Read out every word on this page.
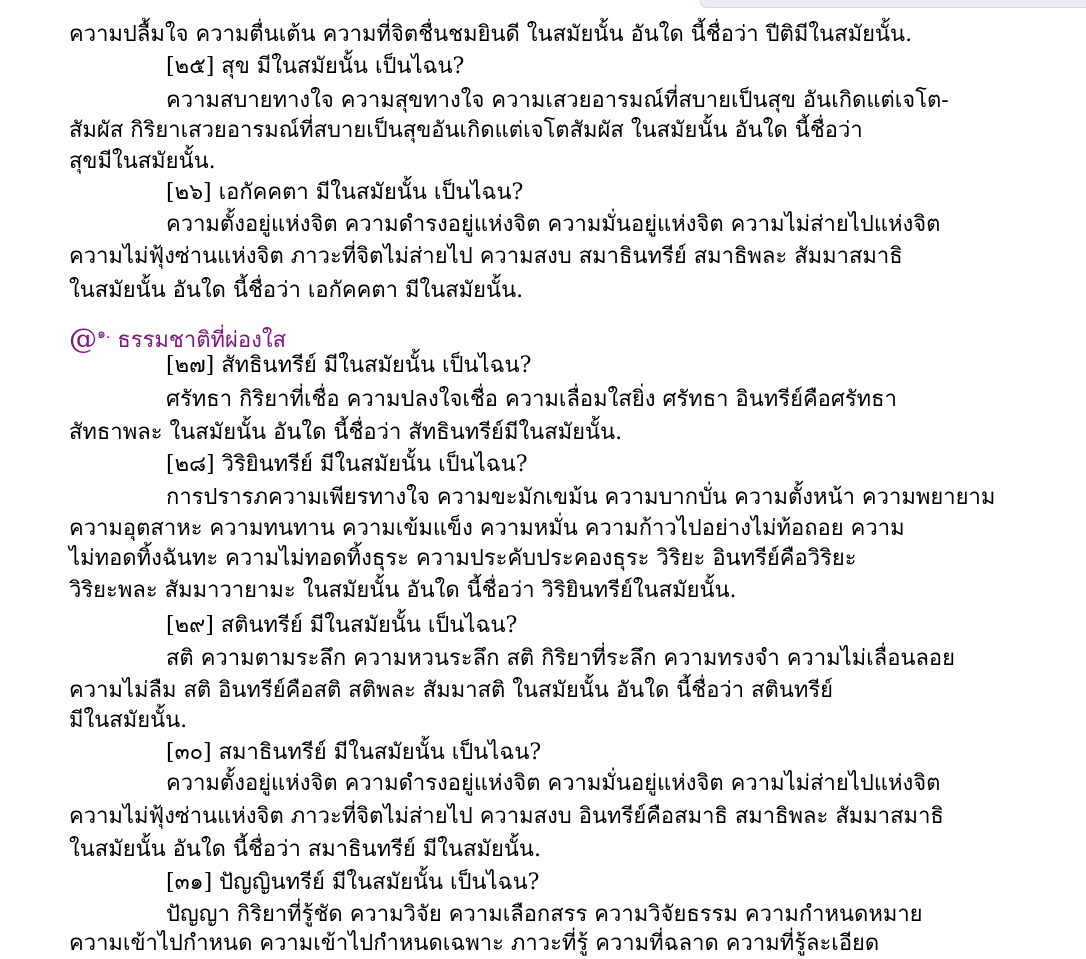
ความปลื้มใจ ความตื่นเต้น ความที่จิตชื่นชมยินดี ในสมัยนั้น อันใด นี้ชื่อว่า ปีติมีในสมัยนั้น.
[๒๕] สุข มีในสมัยนั้น เป็นไฉน?
ความสบายทางใจ ความสุขทางใจ ความเสวยอารมณ์ที่สบายเป็นสุข อันเกิดแต่เจโต-
สัมผัส กิริยาเสวยอารมณ์ที่สบายเป็นสุขอันเกิดแต่เจโตสัมผัส ในสมัยนั้น อันใด นี้ชื่อว่า
สุขมีในสมัยนั้น.
[๒๖] เอกัคคตา มีในสมัยนั้น เป็นไฉน?
ความตั้งอยู่แห่งจิต ความดำรงอยู่แห่งจิต ความมั่นอยู่แห่งจิต ความไม่ส่ายไปแห่งจิต
ความไม่ฟุ้งซ่านแห่งจิต ภาวะที่จิตไม่ส่ายไป ความสงบ สมาธินทรีย์ สมาธิพละ สัมมาสมาธิ
ในสมัยนั้น อันใด นี้ชื่อว่า เอกัคคตา มีในสมัยนั้น.
@$^{๑.}$ ธรรมชาติที่ผ่องใส
[๒๗] สัทธินทรีย์ มีในสมัยนั้น เป็นไฉน?
ศรัทธา กิริยาที่เชื่อ ความปลงใจเชื่อ ความเลื่อมใสยิ่ง ศรัทธา อินทรีย์คือศรัทธา
สัทธาพละ ในสมัยนั้น อันใด นี้ชื่อว่า สัทธินทรีย์มีในสมัยนั้น.
[๒๘] วิริยินทรีย์ มีในสมัยนั้น เป็นไฉน?
การปรารภความเพียรทางใจ ความขะมักเขม้น ความบากบั่น ความตั้งหน้า ความพยายาม
ความอุตสาหะ ความทนทาน ความเข้มแข็ง ความหมั่น ความก้าวไปอย่างไม่ท้อถอย ความ
ไม่ทอดทิ้งฉันทะ ความไม่ทอดทิ้งธุระ ความประคับประคองธุระ วิริยะ อินทรีย์คือวิริยะ
วิริยะพละ สัมมาวายามะ ในสมัยนั้น อันใด นี้ชื่อว่า วิริยินทรีย์ในสมัยนั้น.
[๒๙] สตินทรีย์ มีในสมัยนั้น เป็นไฉน?
สติ ความตามระลึก ความหวนระลึก สติ กิริยาที่ระลึก ความทรงจำ ความไม่เลื่อนลอย
ความไม่ลืม สติ อินทรีย์คือสติ สติพละ สัมมาสติ ในสมัยนั้น อันใด นี้ชื่อว่า สตินทรีย์
มีในสมัยนั้น.
[๓๐] สมาธินทรีย์ มีในสมัยนั้น เป็นไฉน?
ความตั้งอยู่แห่งจิต ความดำรงอยู่แห่งจิต ความมั่นอยู่แห่งจิต ความไม่ส่ายไปแห่งจิต
ความไม่ฟุ้งซ่านแห่งจิต ภาวะที่จิตไม่ส่ายไป ความสงบ อินทรีย์คือสมาธิ สมาธิพละ สัมมาสมาธิ
ในสมัยนั้น อันใด นี้ชื่อว่า สมาธินทรีย์ มีในสมัยนั้น.
[๓๑] ปัญญินทรีย์ มีในสมัยนั้น เป็นไฉน?
ปัญญา กิริยาที่รู้ชัด ความวิจัย ความเลือกสรร ความวิจัยธรรม ความกำหนดหมาย
ความเข้าไปกำหนด ความเข้าไปกำหนดเฉพาะ ภาวะที่รู้ ความที่ฉลาด ความที่รู้ละเอียด
